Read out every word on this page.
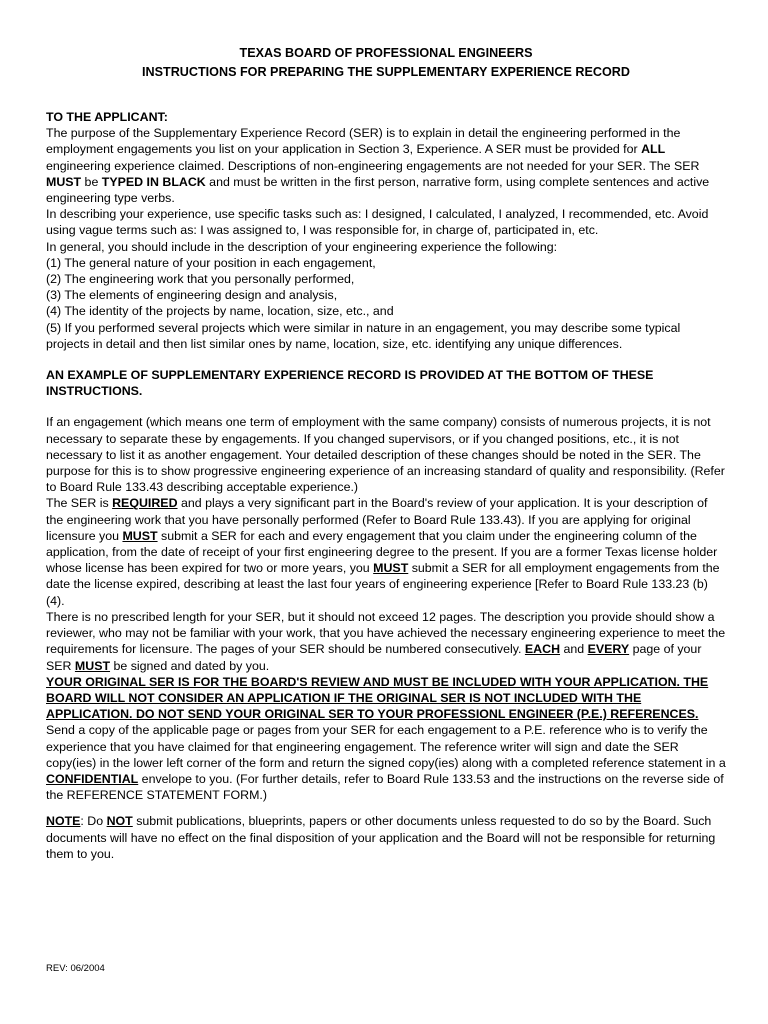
TEXAS BOARD OF PROFESSIONAL ENGINEERS

INSTRUCTIONS FOR PREPARING THE SUPPLEMENTARY EXPERIENCE RECORD

TO THE APPLICANT:

The purpose of the Supplementary Experience Record (SER) is to explain in detail the engineering performed in the employment engagements you list on your application in Section 3, Experience. A SER must be provided for ALL engineering experience claimed. Descriptions of non-engineering engagements are not needed for your SER. The SER MUST be TYPED IN BLACK and must be written in the first person, narrative form, using complete sentences and active engineering type verbs.

In describing your experience, use specific tasks such as: I designed, I calculated, I analyzed, I recommended, etc. Avoid using vague terms such as: I was assigned to, I was responsible for, in charge of, participated in, etc.

In general, you should include in the description of your engineering experience the following:

(1) The general nature of your position in each engagement,

(2) The engineering work that you personally performed,

(3) The elements of engineering design and analysis,

(4) The identity of the projects by name, location, size, etc., and

(5) If you performed several projects which were similar in nature in an engagement, you may describe some typical projects in detail and then list similar ones by name, location, size, etc. identifying any unique differences.

AN EXAMPLE OF SUPPLEMENTARY EXPERIENCE RECORD IS PROVIDED AT THE BOTTOM OF THESE INSTRUCTIONS.

If an engagement (which means one term of employment with the same company) consists of numerous projects, it is not necessary to separate these by engagements. If you changed supervisors, or if you changed positions, etc., it is not necessary to list it as another engagement. Your detailed description of these changes should be noted in the SER. The purpose for this is to show progressive engineering experience of an increasing standard of quality and responsibility. (Refer to Board Rule 133.43 describing acceptable experience.)

The SER is REQUIRED and plays a very significant part in the Board's review of your application. It is your description of the engineering work that you have personally performed (Refer to Board Rule 133.43). If you are applying for original licensure you MUST submit a SER for each and every engagement that you claim under the engineering column of the application, from the date of receipt of your first engineering degree to the present. If you are a former Texas license holder whose license has been expired for two or more years, you MUST submit a SER for all employment engagements from the date the license expired, describing at least the last four years of engineering experience [Refer to Board Rule 133.23 (b)(4).

There is no prescribed length for your SER, but it should not exceed 12 pages. The description you provide should show a reviewer, who may not be familiar with your work, that you have achieved the necessary engineering experience to meet the requirements for licensure. The pages of your SER should be numbered consecutively. EACH and EVERY page of your SER MUST be signed and dated by you.

YOUR ORIGINAL SER IS FOR THE BOARD'S REVIEW AND MUST BE INCLUDED WITH YOUR APPLICATION. THE BOARD WILL NOT CONSIDER AN APPLICATION IF THE ORIGINAL SER IS NOT INCLUDED WITH THE APPLICATION. DO NOT SEND YOUR ORIGINAL SER TO YOUR PROFESSIONL ENGINEER (P.E.) REFERENCES. Send a copy of the applicable page or pages from your SER for each engagement to a P.E. reference who is to verify the experience that you have claimed for that engineering engagement. The reference writer will sign and date the SER copy(ies) in the lower left corner of the form and return the signed copy(ies) along with a completed reference statement in a CONFIDENTIAL envelope to you. (For further details, refer to Board Rule 133.53 and the instructions on the reverse side of the REFERENCE STATEMENT FORM.)

NOTE: Do NOT submit publications, blueprints, papers or other documents unless requested to do so by the Board. Such documents will have no effect on the final disposition of your application and the Board will not be responsible for returning them to you.

REV: 06/2004
